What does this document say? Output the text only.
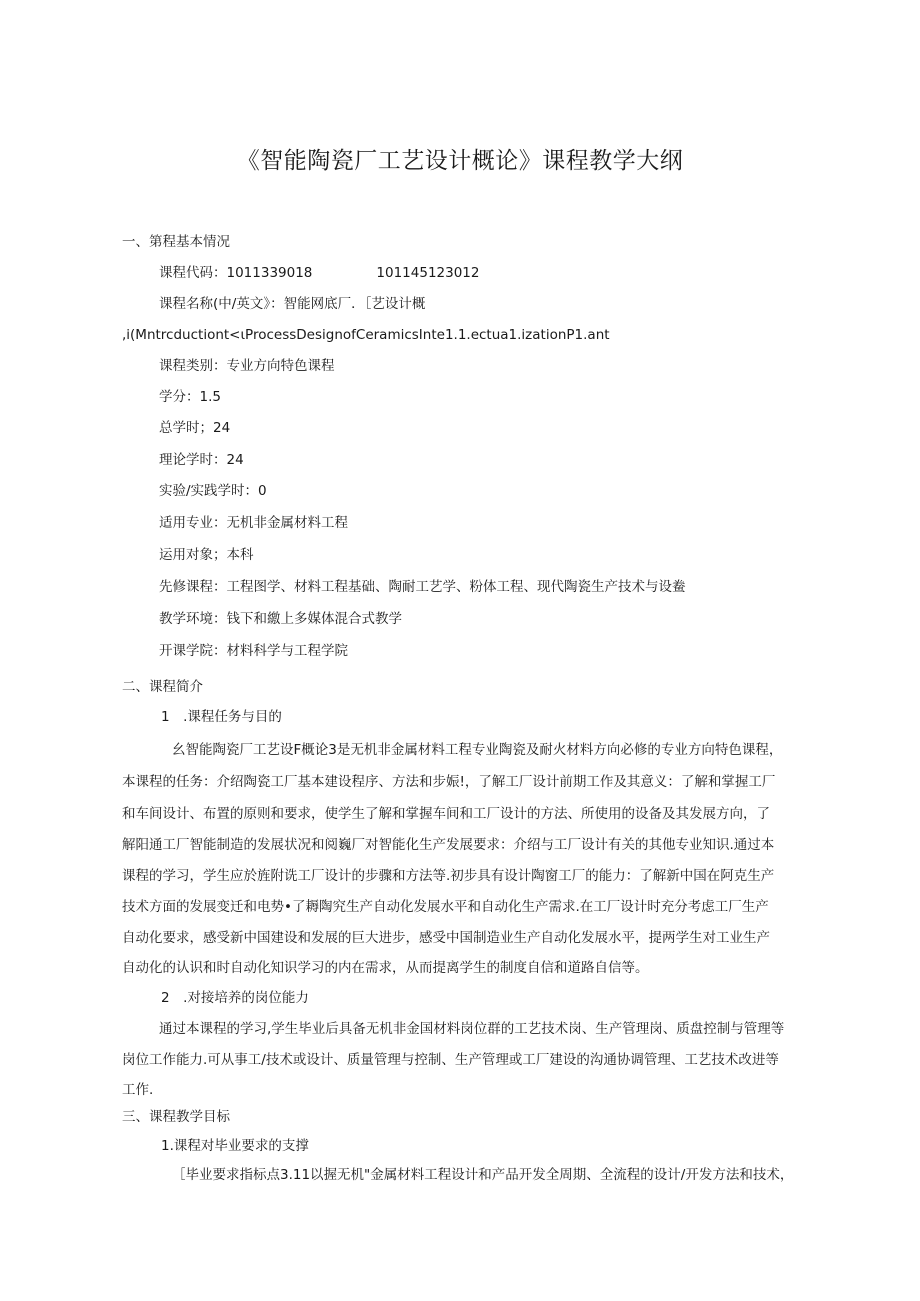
《智能陶瓷厂工艺设计概论》课程教学大纲
一、第程基本情况
课程代码：1011339018	101145123012
课程名称(中/英文》：智能网底厂．［艺设计概
,i(Mntrcductiont<ιProcessDesignofCeramicsInte1.1.ectua1.izationP1.ant
课程类别：专业方向特色课程
学分：1.5
总学时；24
理论学时：24
实验/实践学时：0
适用专业：无机非金属材料工程
运用对象；本科
先修课程：工程图学、材料工程基础、陶耐工艺学、粉体工程、现代陶瓷生产技术与设鲞
教学环境：钱下和繳上多媒体混合式教学
开课学院：材料科学与工程学院
二、课程简介
1　.课程任务与目的
幺智能陶瓷厂工艺设F概论3是无机非金属材料工程专业陶瓷及耐火材料方向必修的专业方向特色课程，
本课程的任务：介绍陶瓷工厂基本建设程序、方法和步娠!，了解工厂设计前期工作及其意义：了解和掌握工厂
和车间设计、布置的原则和要求，使学生了解和掌握车间和工厂设计的方法、所使用的设备及其发展方向，了
解阳通工厂智能制造的发展状况和阅巍厂对智能化生产发展要求：介绍与工厂设计有关的其他专业知识.通过本
课程的学习，学生应於旌附诜工厂设计的步骤和方法等.初步具有设计陶窗工厂的能力：了解新中国在阿克生产
技术方面的发展变迁和电势•了耨陶究生产自动化发展水平和自动化生产需求.在工厂设计时充分考虑工厂生产
自动化要求，感受新中国建设和发展的巨大进步，感受中国制造业生产自动化发展水平，提两学生对工业生产
自动化的认识和时自动化知识学习的内在需求，从而提离学生的制度自信和道路自信等。
2　.对接培养的岗位能力
通过本课程的学习,学生毕业后具备无机非金国材料岗位群的工艺技术岗、生产管理岗、质盘控制与管理等
岗位工作能力.可从事工/技术或设计、质量管理与控制、生产管理或工厂建设的沟通协调管理、工艺技术改进等
工作.
三、课程教学目标
1.课程对毕业要求的支撑
［毕业要求指标点3.11以握无机"金属材料工程设计和产品开发全周期、全流程的设计/开发方法和技术，
